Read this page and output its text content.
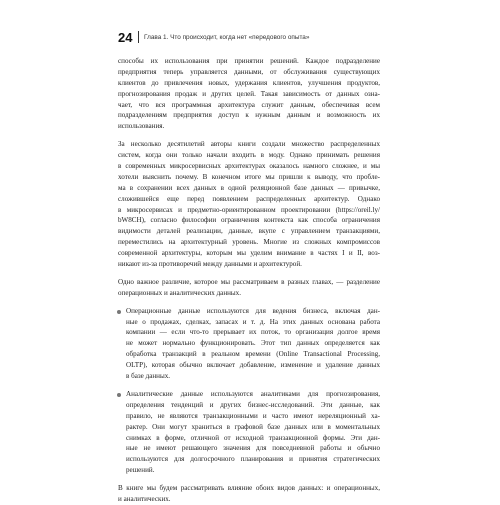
24	Глава 1. Что происходит, когда нет «передового опыта»
способы их использования при принятии решений. Каждое подразделение
предприятия теперь управляется данными, от обслуживания существующих
клиентов до привлечения новых, удержания клиентов, улучшения продуктов,
прогнозирования продаж и других целей. Такая зависимость от данных озна-
чает, что вся программная архитектура служит данным, обеспечивая всем
подразделениям предприятия доступ к нужным данным и возможность их
использования.
За несколько десятилетий авторы книги создали множество распределенных
систем, когда они только начали входить в моду. Однако принимать решения
в современных микросервисных архитектурах оказалось намного сложнее, и мы
хотели выяснить почему. В конечном итоге мы пришли к выводу, что пробле-
ма в сохранении всех данных в одной реляционной базе данных — привычке,
сложившейся еще перед появлением распределенных архитектур. Однако
в микросервисах и предметно-ориентированном проектировании (https://oreil.ly/
bW8CH), согласно философии ограничения контекста как способа ограничения
видимости деталей реализации, данные, вкупе с управлением транзакциями,
переместились на архитектурный уровень. Многие из сложных компромиссов
современной архитектуры, которым мы уделим внимание в частях I и II, воз-
никают из-за противоречий между данными и архитектурой.
Одно важное различие, которое мы рассматриваем в разных главах, — разделение
операционных и аналитических данных.
Операционные данные используются для ведения бизнеса, включая дан-
ные о продажах, сделках, запасах и т. д. На этих данных основана работа
компании — если что-то прерывает их поток, то организация долгое время
не может нормально функционировать. Этот тип данных определяется как
обработка транзакций в реальном времени (Online Transactional Processing,
OLTP), которая обычно включает добавление, изменение и удаление данных
в базе данных.
Аналитические данные используются аналитиками для прогнозирования,
определения тенденций и других бизнес-исследований. Эти данные, как
правило, не являются транзакционными и часто имеют нереляционный ха-
рактер. Они могут храниться в графовой базе данных или в моментальных
снимках в форме, отличной от исходной транзакционной формы. Эти дан-
ные не имеют решающего значения для повседневной работы и обычно
используются для долгосрочного планирования и принятия стратегических
решений.
В книге мы будем рассматривать влияние обоих видов данных: и операционных,
и аналитических.
